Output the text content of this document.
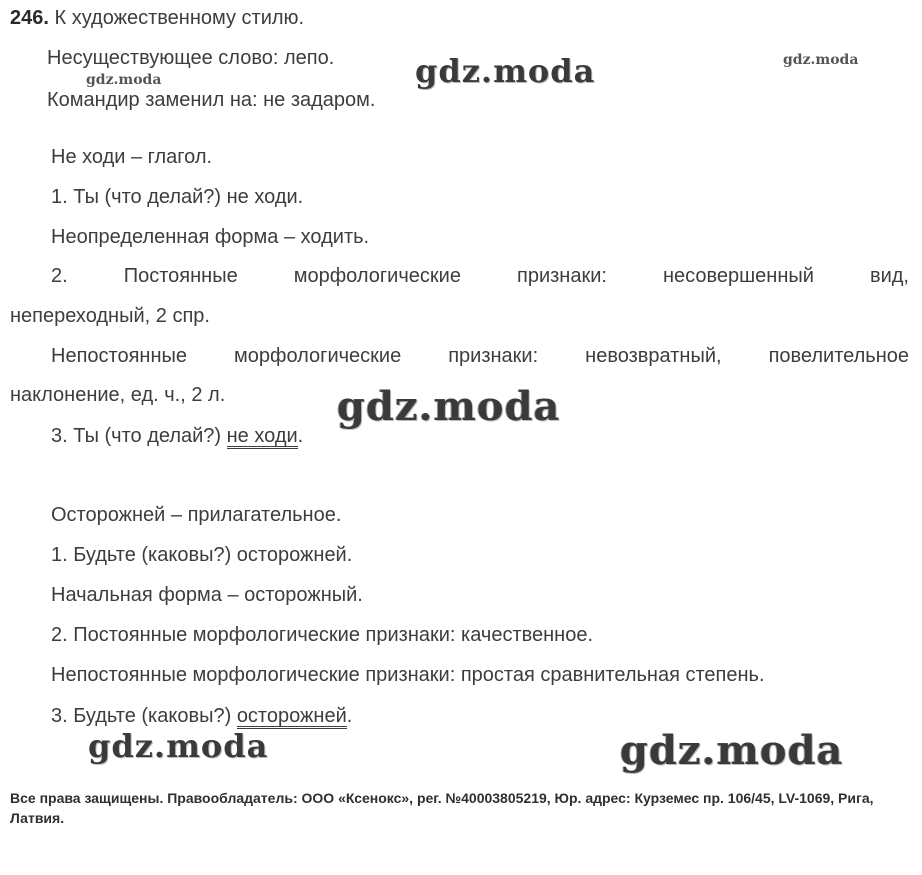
246. К художественному стилю.
Несуществующее слово: лепо.
Командир заменил на: не задаром.
Не ходи – глагол.
1. Ты (что делай?) не ходи.
Неопределенная форма – ходить.
2.	Постоянные	морфологические	признаки:	несовершенный	вид,
непереходный, 2 спр.
Непостоянные морфологические признаки: невозвратный, повелительное
наклонение, ед. ч., 2 л.
3. Ты (что делай?) не ходи.
Осторожней – прилагательное.
1. Будьте (каковы?) осторожней.
Начальная форма – осторожный.
2. Постоянные морфологические признаки: качественное.
Непостоянные морфологические признаки: простая сравнительная степень.
3. Будьте (каковы?) осторожней.
gdz.moda
gdz.moda
gdz.moda
gdz.moda
gdz.moda	gdz.moda
Все права защищены. Правообладатель: ООО «Ксенокс», рег. №40003805219, Юр. адрес: Курземес пр. 106/45, LV-1069, Рига, Латвия.
